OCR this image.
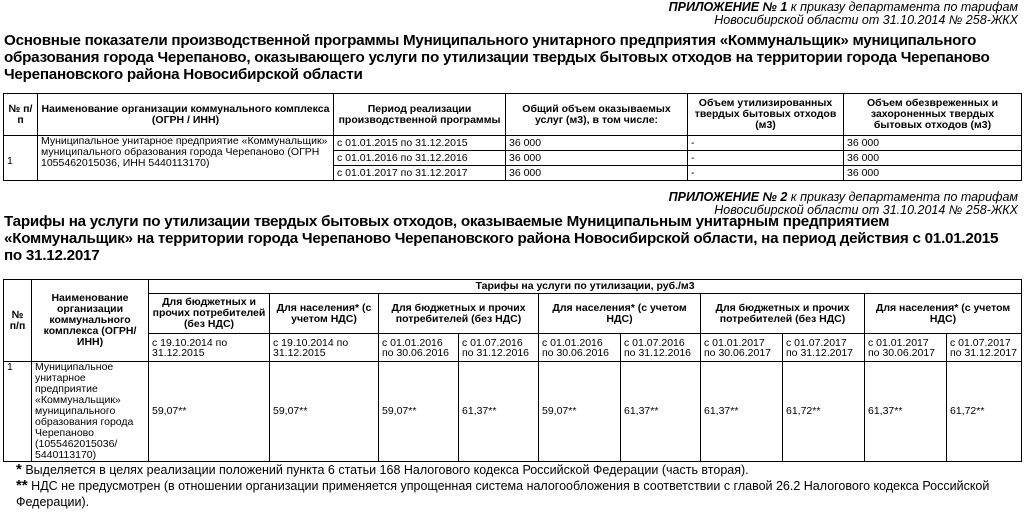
ПРИЛОЖЕНИЕ № 1 к приказу департамента по тарифам
Новосибирской области от 31.10.2014 № 258-ЖКХ
Основные показатели производственной программы Муниципального унитарного предприятия «Коммунальщик» муниципального образования города Черепаново, оказывающего услуги по утилизации твердых бытовых отходов на территории города Черепаново Черепановского района Новосибирской области
№ п/п	Наименование организации коммунального комплекса (ОГРН / ИНН)	Период реализации производственной программы	Общий объем оказываемых услуг (м3), в том числе:	Объем утилизированных твердых бытовых отходов (м3)	Объем обезвреженных и захороненных твердых бытовых отходов (м3)
1	Муниципальное унитарное предприятие «Коммунальщик» муниципального образования города Черепаново (ОГРН 1055462015036, ИНН 5440113170)	с 01.01.2015 по 31.12.2015	36 000	-	36 000
		с 01.01.2016 по 31.12.2016	36 000	-	36 000
		с 01.01.2017 по 31.12.2017	36 000	-	36 000
ПРИЛОЖЕНИЕ № 2 к приказу департамента по тарифам
Новосибирской области от 31.10.2014 № 258-ЖКХ
Тарифы на услуги по утилизации твердых бытовых отходов, оказываемые Муниципальным унитарным предприятием «Коммунальщик» на территории города Черепаново Черепановского района Новосибирской области, на период действия с 01.01.2015 по 31.12.2017
№ п/п	Наименование организации коммунального комплекса (ОГРН/ИНН)	Тарифы на услуги по утилизации, руб./м3									
		Для бюджетных и прочих потребителей (без НДС)	Для населения* (с учетом НДС)	Для бюджетных и прочих потребителей (без НДС)		Для населения* (с учетом НДС)		Для бюджетных и прочих потребителей (без НДС)		Для населения* (с учетом НДС)	
		с 19.10.2014 по 31.12.2015	с 19.10.2014 по 31.12.2015	с 01.01.2016 по 30.06.2016	с 01.07.2016 по 31.12.2016	с 01.01.2016 по 30.06.2016	с 01.07.2016 по 31.12.2016	с 01.01.2017 по 30.06.2017	с 01.07.2017 по 31.12.2017	с 01.01.2017 по 30.06.2017	с 01.07.2017 по 31.12.2017
1	Муниципальное унитарное предприятие «Коммунальщик» муниципального образования города Черепаново (1055462015036/ 5440113170)	59,07**	59,07**	59,07**	61,37**	59,07**	61,37**	61,37**	61,72**	61,37**	61,72**
* Выделяется в целях реализации положений пункта 6 статьи 168 Налогового кодекса Российской Федерации (часть вторая).
** НДС не предусмотрен (в отношении организации применяется упрощенная система налогообложения в соответствии с главой 26.2 Налогового кодекса Российской Федерации).
